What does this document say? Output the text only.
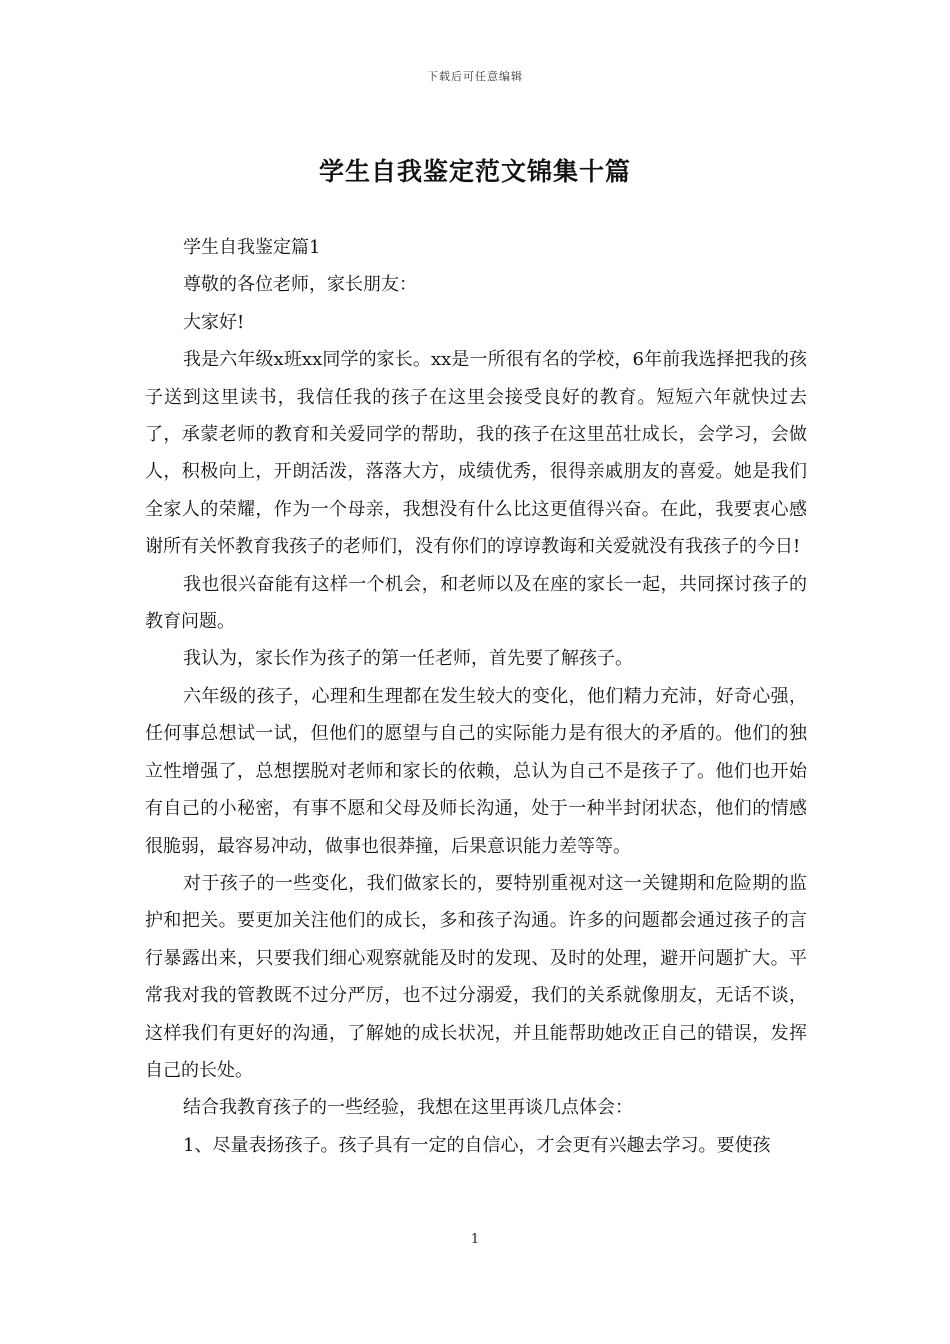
下载后可任意编辑
学生自我鉴定范文锦集十篇

学生自我鉴定篇1

尊敬的各位老师，家长朋友：

大家好!

我是六年级x班xx同学的家长。xx是一所很有名的学校，6年前我选择把我的孩子送到这里读书，我信任我的孩子在这里会接受良好的教育。短短六年就快过去了，承蒙老师的教育和关爱同学的帮助，我的孩子在这里茁壮成长，会学习，会做人，积极向上，开朗活泼，落落大方，成绩优秀，很得亲戚朋友的喜爱。她是我们全家人的荣耀，作为一个母亲，我想没有什么比这更值得兴奋。在此，我要衷心感谢所有关怀教育我孩子的老师们，没有你们的谆谆教诲和关爱就没有我孩子的今日!

我也很兴奋能有这样一个机会，和老师以及在座的家长一起，共同探讨孩子的教育问题。

我认为，家长作为孩子的第一任老师，首先要了解孩子。

六年级的孩子，心理和生理都在发生较大的变化，他们精力充沛，好奇心强，任何事总想试一试，但他们的愿望与自己的实际能力是有很大的矛盾的。他们的独立性增强了，总想摆脱对老师和家长的依赖，总认为自己不是孩子了。他们也开始有自己的小秘密，有事不愿和父母及师长沟通，处于一种半封闭状态，他们的情感很脆弱，最容易冲动，做事也很莽撞，后果意识能力差等等。

对于孩子的一些变化，我们做家长的，要特别重视对这一关键期和危险期的监护和把关。要更加关注他们的成长，多和孩子沟通。许多的问题都会通过孩子的言行暴露出来，只要我们细心观察就能及时的发现、及时的处理，避开问题扩大。平常我对我的管教既不过分严厉，也不过分溺爱，我们的关系就像朋友，无话不谈，这样我们有更好的沟通，了解她的成长状况，并且能帮助她改正自己的错误，发挥自己的长处。

结合我教育孩子的一些经验，我想在这里再谈几点体会：

1、尽量表扬孩子。孩子具有一定的自信心，才会更有兴趣去学习。要使孩

1
